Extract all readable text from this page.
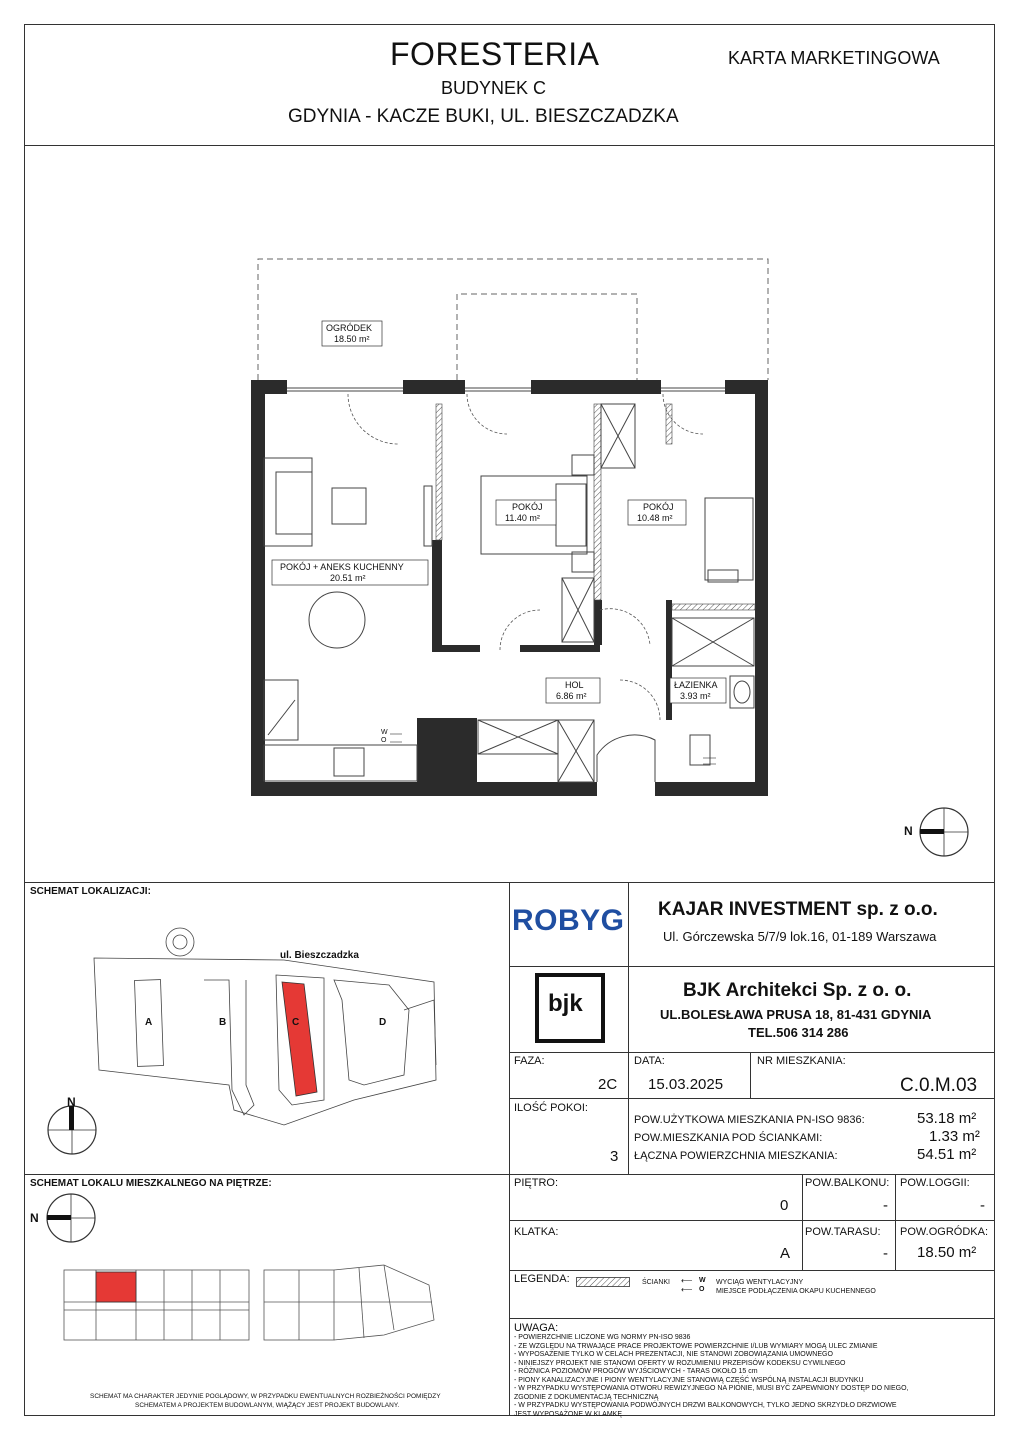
FORESTERIA
BUDYNEK C
GDYNIA - KACZE BUKI, UL. BIESZCZADZKA
KARTA MARKETINGOWA
OGRÓDEK
18.50 m²
POKÓJ
11.40 m²
POKÓJ
10.48 m²
POKÓJ + ANEKS KUCHENNY
20.51 m²
HOL
6.86 m²
ŁAZIENKA
3.93 m²
W
O
N
SCHEMAT LOKALIZACJI:
ul. Bieszczadzka
A	B	C	D
N
SCHEMAT LOKALU MIESZKALNEGO NA PIĘTRZE:
N
SCHEMAT MA CHARAKTER JEDYNIE POGLĄDOWY, W PRZYPADKU EWENTUALNYCH ROZBIEŻNOŚCI POMIĘDZY
SCHEMATEM A PROJEKTEM BUDOWLANYM, WIĄŻĄCY JEST PROJEKT BUDOWLANY.
ROBYG KAJAR INVESTMENT sp. z o.o.
Ul. Górczewska 5/7/9 lok.16, 01-189 Warszawa
bjk	BJK Architekci Sp. z o. o.
UL.BOLESŁAWA PRUSA 18, 81-431 GDYNIA
TEL.506 314 286
FAZA:
2C
DATA:
15.03.2025
NR MIESZKANIA:
C.0.M.03
ILOŚĆ POKOI:
3
POW.UŻYTKOWA MIESZKANIA PN-ISO 9836:	53.18 m²
POW.MIESZKANIA POD ŚCIANKAMI:	1.33 m²
ŁĄCZNA POWIERZCHNIA MIESZKANIA:	54.51 m²
PIĘTRO:
0
POW.BALKONU:
-
POW.LOGGII:
-
KLATKA:
A
POW.TARASU:
-
POW.OGRÓDKA:
18.50 m²
LEGENDA:	ŚCIANKI ⟵ W WYCIĄG WENTYLACYJNY
⟵ O MIEJSCE PODŁĄCZENIA OKAPU KUCHENNEGO
UWAGA:
- POWIERZCHNIE LICZONE WG NORMY PN-ISO 9836
- ZE WZGLĘDU NA TRWAJĄCE PRACE PROJEKTOWE POWIERZCHNIE I/LUB WYMIARY MOGĄ ULEC ZMIANIE
- WYPOSAŻENIE TYLKO W CELACH PREZENTACJI, NIE STANOWI ZOBOWIĄZANIA UMOWNEGO
- NINIEJSZY PROJEKT NIE STANOWI OFERTY W ROZUMIENIU PRZEPISÓW KODEKSU CYWILNEGO
- RÓŻNICA POZIOMÓW PROGÓW WYJŚCIOWYCH - TARAS OKOŁO 15 cm
- PIONY KANALIZACYJNE I PIONY WENTYLACYJNE STANOWIĄ CZĘŚĆ WSPÓLNĄ INSTALACJI BUDYNKU
- W PRZYPADKU WYSTĘPOWANIA OTWORU REWIZYJNEGO NA PIONIE, MUSI BYĆ ZAPEWNIONY DOSTĘP DO NIEGO,
ZGODNIE Z DOKUMENTACJĄ TECHNICZNĄ
- W PRZYPADKU WYSTĘPOWANIA PODWÓJNYCH DRZWI BALKONOWYCH, TYLKO JEDNO SKRZYDŁO DRZWIOWE
JEST WYPOSAŻONE W KLAMKĘ
